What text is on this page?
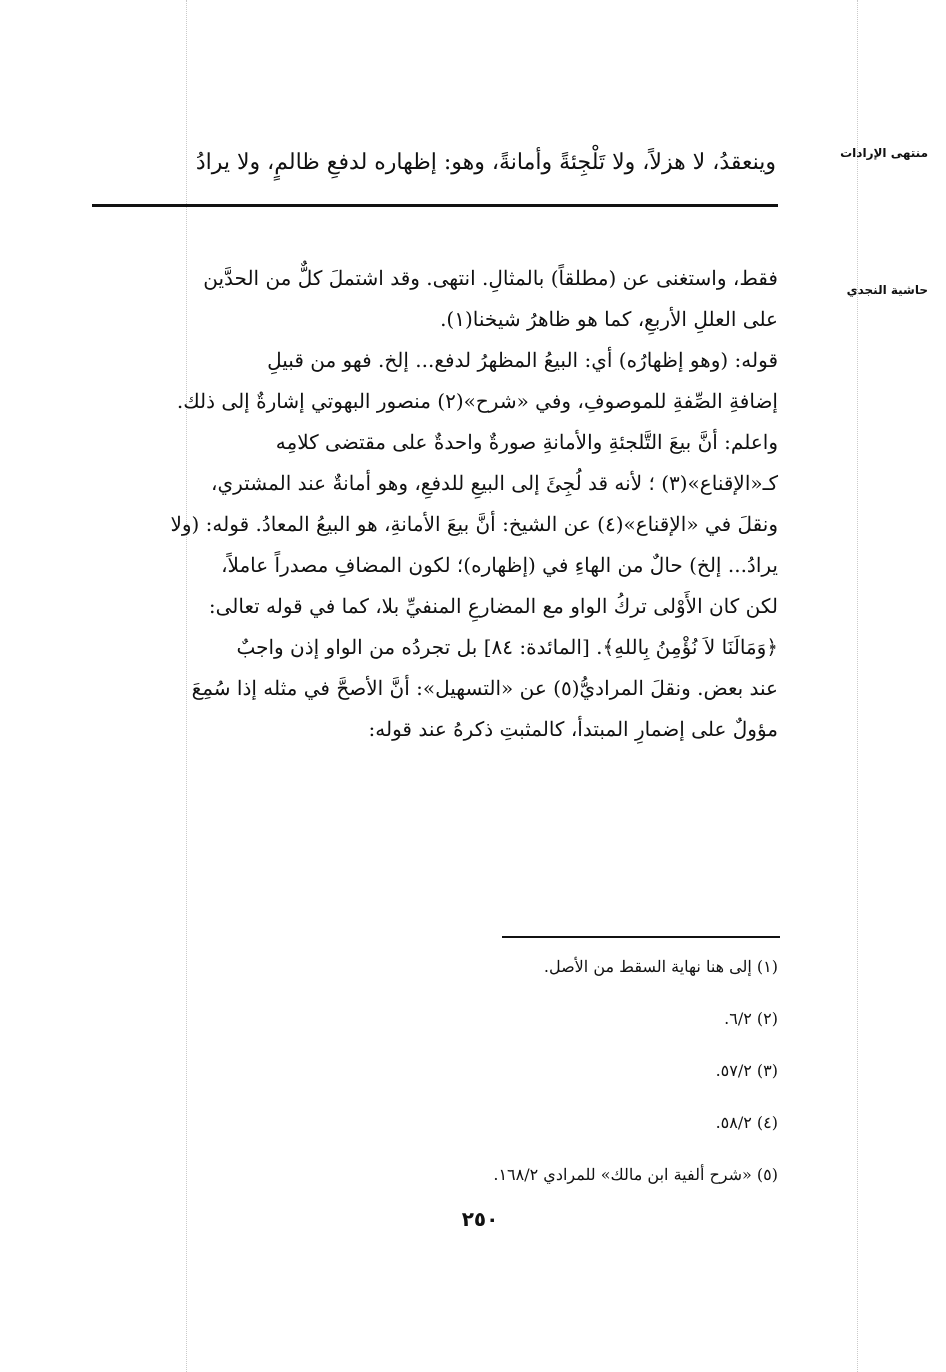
منتهى الإرادات
حاشية النجدي
وينعقدُ، لا هزلاً، ولا تَلْجِئةً وأمانةً، وهو: إظهاره لدفعِ ظالمٍ، ولا يرادُ

فقط، واستغنى عن (مطلقاً) بالمثالِ. انتهى. وقد اشتملَ كلٌّ من الحدَّين

على العللِ الأربعِ، كما هو ظاهرُ شيخنا(١).

قوله: (وهو إظهارُه) أي: البيعُ المظهرُ لدفع... إلخ. فهو من قبيلِ

إضافةِ الصِّفةِ للموصوفِ، وفي «شرح»(٢) منصور البهوتي إشارةٌ إلى ذلك.

واعلم: أنَّ بيعَ التَّلجئةِ والأمانةِ صورةٌ واحدةٌ على مقتضى كلامِه

كـ«الإقناع»(٣) ؛ لأنه قد لُجِئَ إلى البيعِ للدفعِ، وهو أمانةٌ عند المشتري،

ونقلَ في «الإقناع»(٤) عن الشيخ: أنَّ بيعَ الأمانةِ، هو البيعُ المعادُ. قوله: (ولا

يرادُ... إلخ) حالٌ من الهاءِ في (إظهاره)؛ لكون المضافِ مصدراً عاملاً،

لكن كان الأَوْلى تركُ الواو مع المضارعِ المنفيِّ بلا، كما في قوله تعالى:

﴿وَمَالَنَا لاَ نُؤْمِنُ بِاللهِ﴾. [المائدة: ٨٤] بل تجردُه من الواو إذن واجبٌ

عند بعض. ونقلَ المراديُّ(٥) عن «التسهيل»: أنَّ الأصحَّ في مثله إذا سُمِعَ

مؤولٌ على إضمارِ المبتدأ، كالمثبتِ ذكرهُ عند قوله:

(١) إلى هنا نهاية السقط من الأصل.
(٢) ٦/٢.
(٣) ٥٧/٢.
(٤) ٥٨/٢.
(٥) «شرح ألفية ابن مالك» للمرادي ١٦٨/٢.
٢٥٠
